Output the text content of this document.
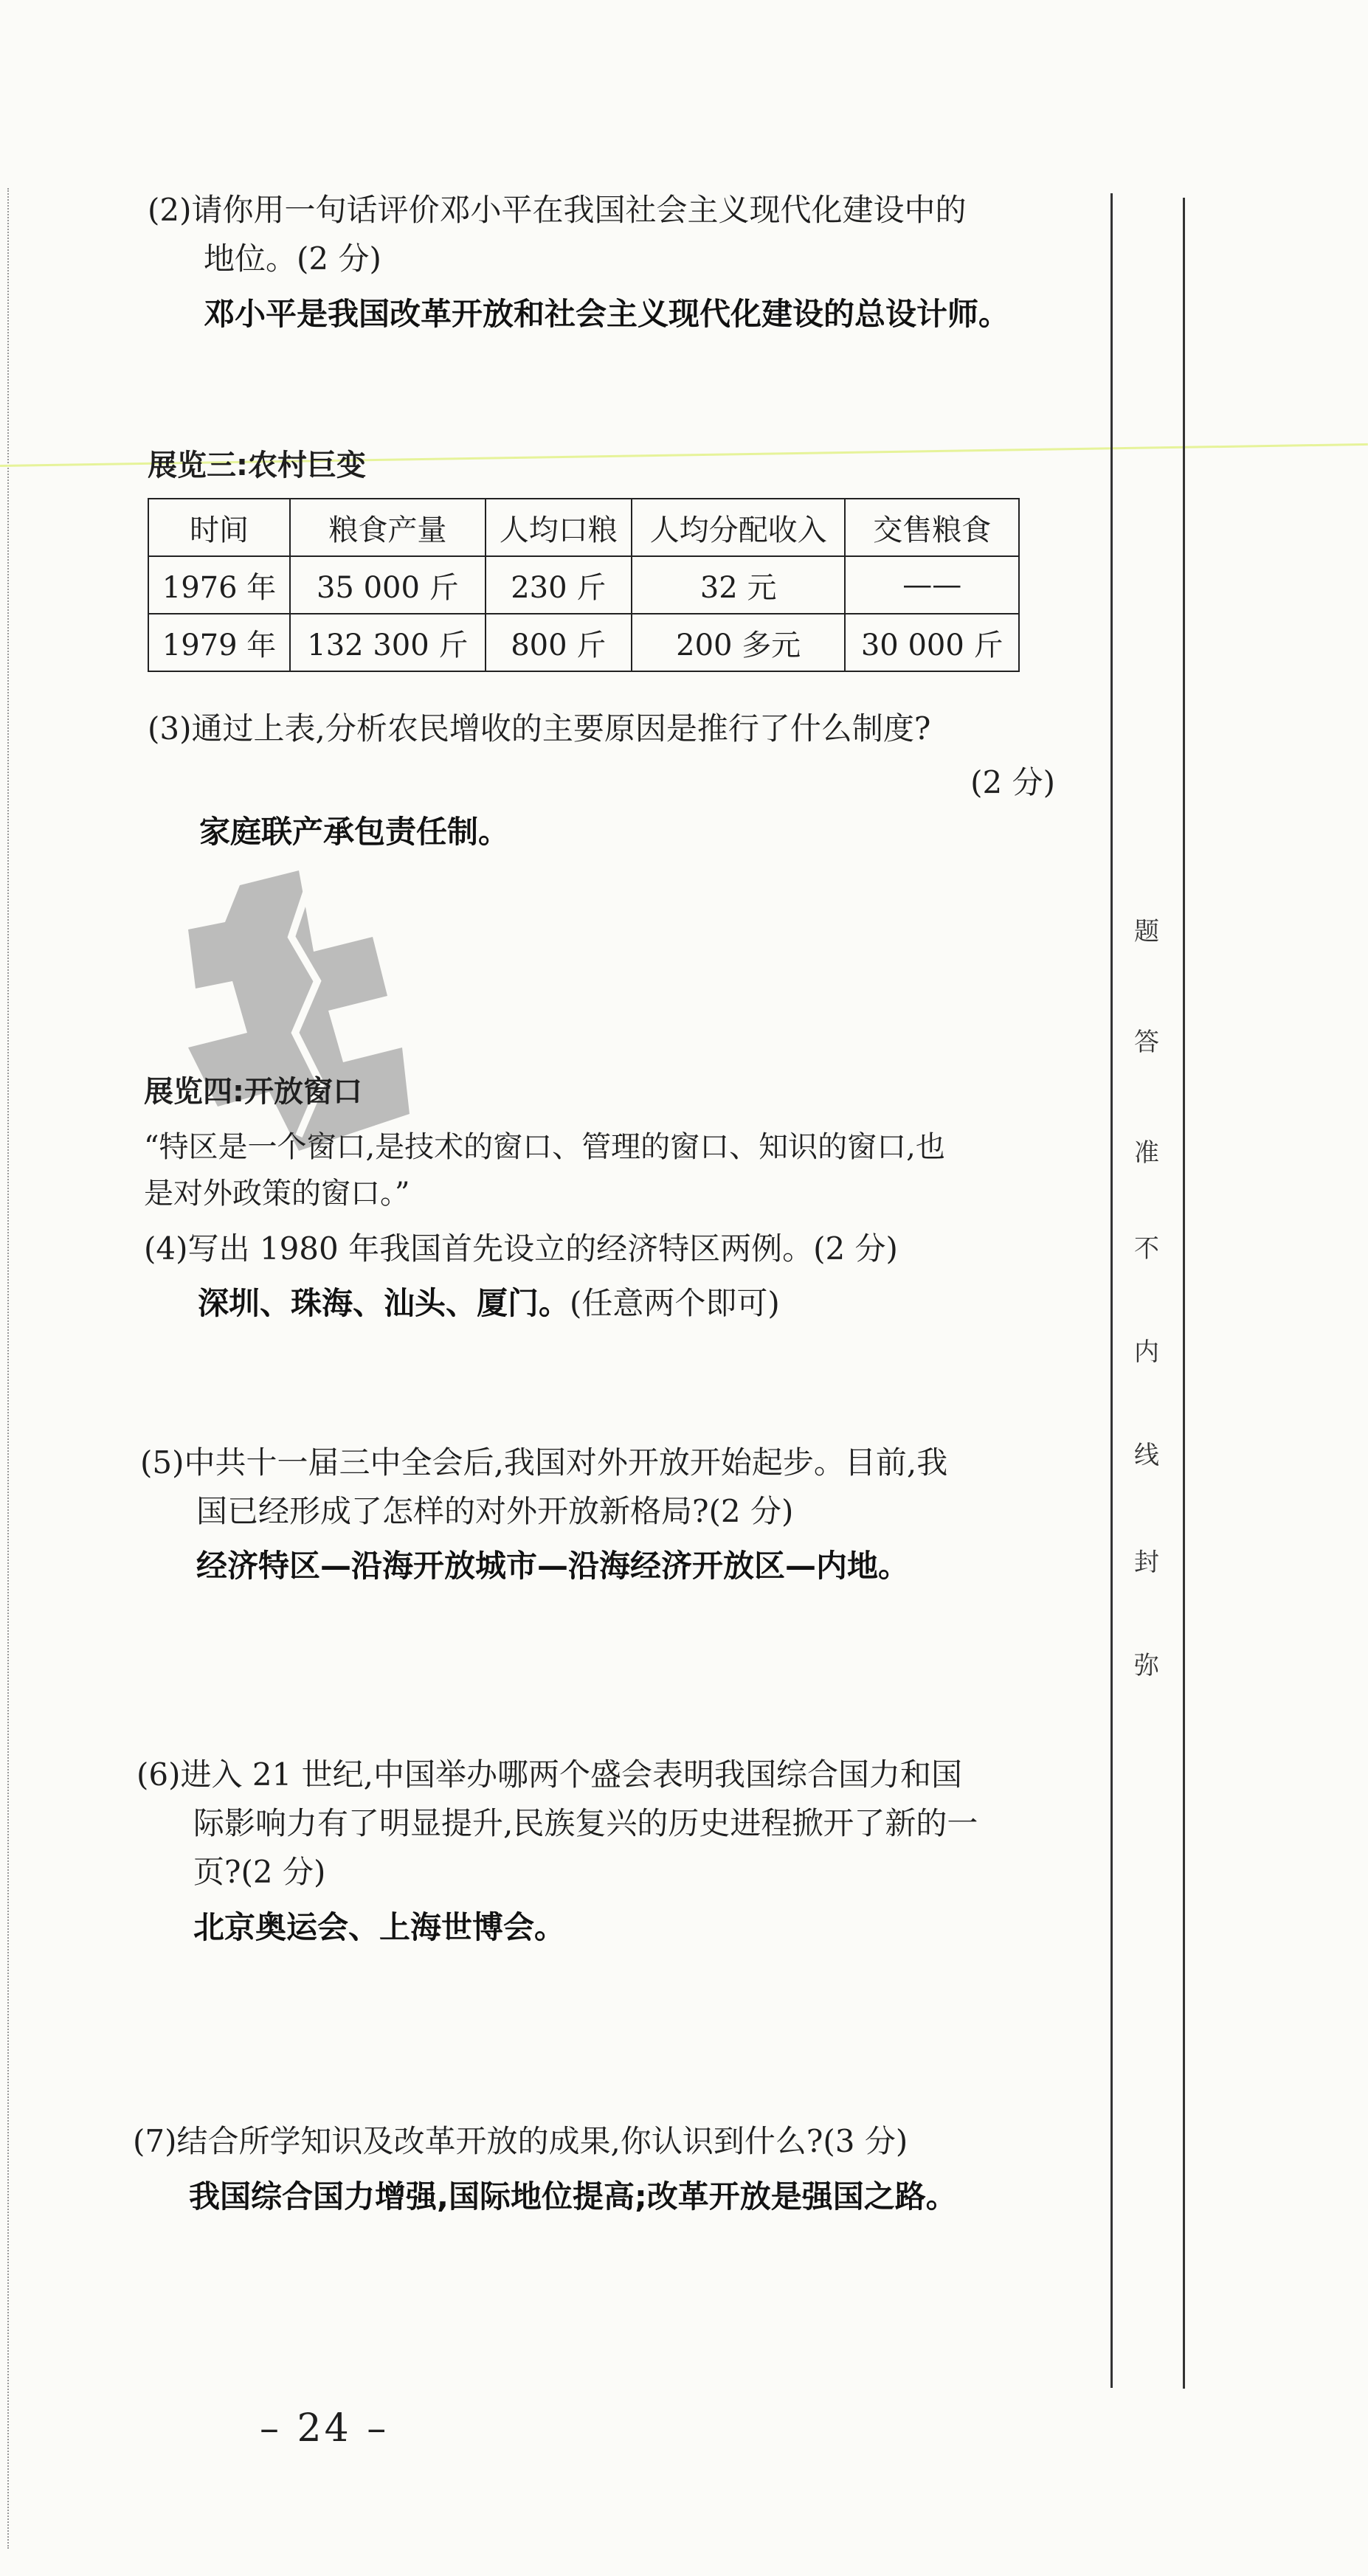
(2)请你用一句话评价邓小平在我国社会主义现代化建设中的
地位。(2 分)
邓小平是我国改革开放和社会主义现代化建设的总设计师。
展览三:农村巨变
时间	粮食产量	人均口粮	人均分配收入	交售粮食
1976 年	35 000 斤	230 斤	32 元	——
1979 年	132 300 斤	800 斤	200 多元	30 000 斤
(3)通过上表,分析农民增收的主要原因是推行了什么制度?
(2 分)
家庭联产承包责任制。
展览四:开放窗口
“特区是一个窗口,是技术的窗口、管理的窗口、知识的窗口,也
是对外政策的窗口。”
(4)写出 1980 年我国首先设立的经济特区两例。(2 分)
深圳、珠海、汕头、厦门。(任意两个即可)
(5)中共十一届三中全会后,我国对外开放开始起步。目前,我
国已经形成了怎样的对外开放新格局?(2 分)
经济特区—沿海开放城市—沿海经济开放区—内地。
(6)进入 21 世纪,中国举办哪两个盛会表明我国综合国力和国
际影响力有了明显提升,民族复兴的历史进程掀开了新的一
页?(2 分)
北京奥运会、上海世博会。
(7)结合所学知识及改革开放的成果,你认识到什么?(3 分)
我国综合国力增强,国际地位提高;改革开放是强国之路。
题
答
准
不
内
线
封
弥
– 24 –
